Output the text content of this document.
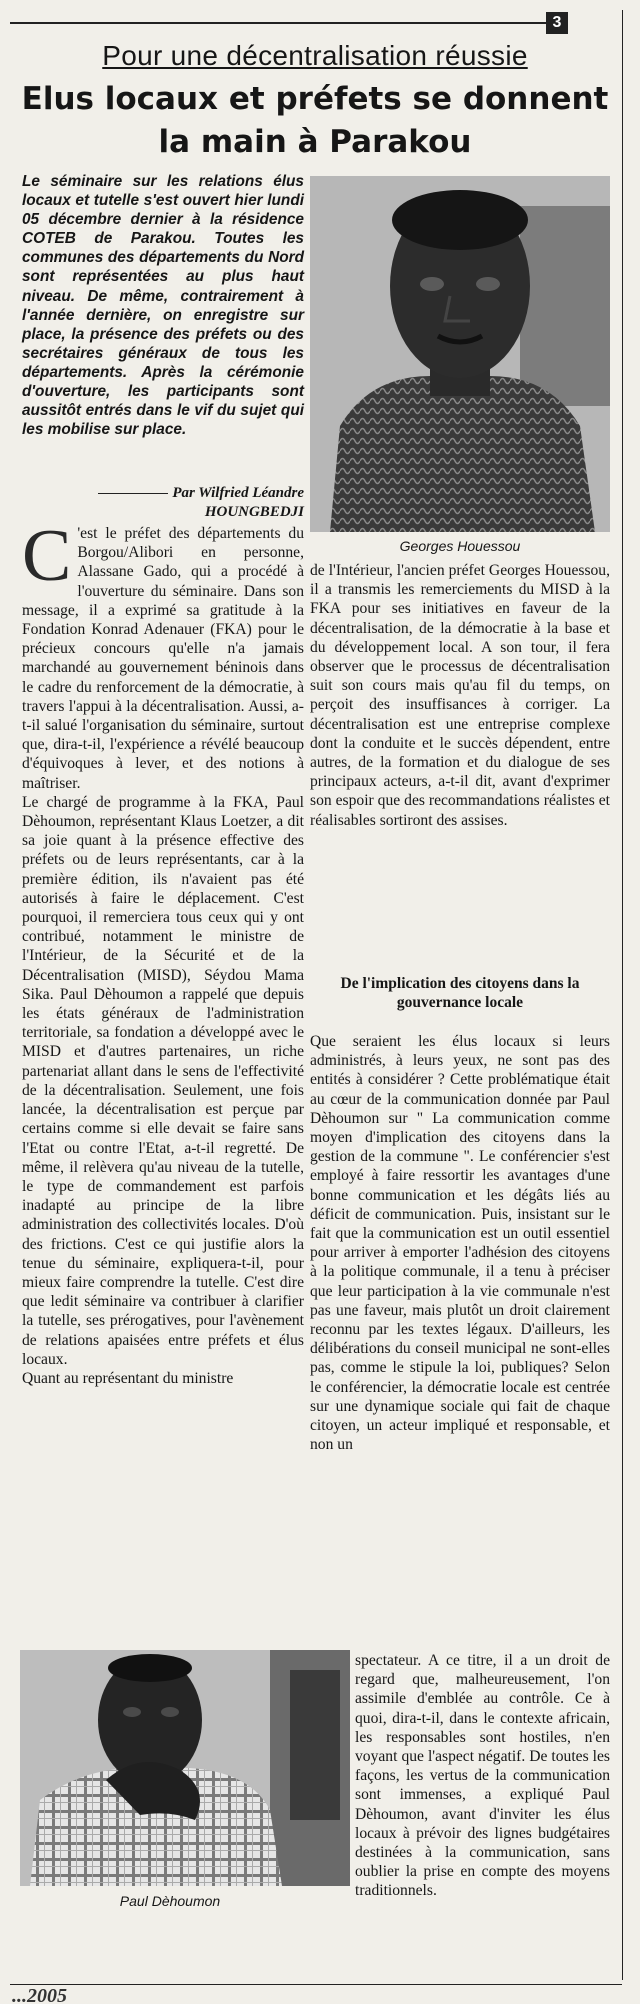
3
Pour une décentralisation réussie
Elus locaux et préfets se donnent la main à Parakou
Le séminaire sur les relations élus locaux et tutelle s'est ouvert hier lundi 05 décembre dernier à la résidence COTEB de Parakou. Toutes les communes des départements du Nord sont représentées au plus haut niveau. De même, contrairement à l'année dernière, on enregistre sur place, la présence des préfets ou des secrétaires généraux de tous les départements. Après la cérémonie d'ouverture, les participants sont aussitôt entrés dans le vif du sujet qui les mobilise sur place.
Par Wilfried Léandre HOUNGBEDJI
Georges Houessou

C 'est le préfet des départements du Borgou/Alibori en personne, Alassane Gado, qui a procédé à l'ouverture du séminaire. Dans son message, il a exprimé sa gratitude à la Fondation Konrad Adenauer (FKA) pour le précieux concours qu'elle n'a jamais marchandé au gouvernement béninois dans le cadre du renforcement de la démocratie, à travers l'appui à la décentralisation. Aussi, a-t-il salué l'organisation du séminaire, surtout que, dira-t-il, l'expérience a révélé beaucoup d'équivoques à lever, et des notions à maîtriser.

Le chargé de programme à la FKA, Paul Dèhoumon, représentant Klaus Loetzer, a dit sa joie quant à la présence effective des préfets ou de leurs représentants, car à la première édition, ils n'avaient pas été autorisés à faire le déplacement. C'est pourquoi, il remerciera tous ceux qui y ont contribué, notamment le ministre de l'Intérieur, de la Sécurité et de la Décentralisation (MISD), Séydou Mama Sika. Paul Dèhoumon a rappelé que depuis les états généraux de l'administration territoriale, sa fondation a développé avec le MISD et d'autres partenaires, un riche partenariat allant dans le sens de l'effectivité de la décentralisation. Seulement, une fois lancée, la décentralisation est perçue par certains comme si elle devait se faire sans l'Etat ou contre l'Etat, a-t-il regretté. De même, il relèvera qu'au niveau de la tutelle, le type de commandement est parfois inadapté au principe de la libre administration des collectivités locales. D'où des frictions. C'est ce qui justifie alors la tenue du séminaire, expliquera-t-il, pour mieux faire comprendre la tutelle. C'est dire que ledit séminaire va contribuer à clarifier la tutelle, ses prérogatives, pour l'avènement de relations apaisées entre préfets et élus locaux.

Quant au représentant du ministre

Paul Dèhoumon

de l'Intérieur, l'ancien préfet Georges Houessou, il a transmis les remerciements du MISD à la FKA pour ses initiatives en faveur de la décentralisation, de la démocratie à la base et du développement local. A son tour, il fera observer que le processus de décentralisation suit son cours mais qu'au fil du temps, on perçoit des insuffisances à corriger. La décentralisation est une entreprise complexe dont la conduite et le succès dépendent, entre autres, de la formation et du dialogue de ses principaux acteurs, a-t-il dit, avant d'exprimer son espoir que des recommandations réalistes et réalisables sortiront des assises.

De l'implication des citoyens dans la gouvernance locale

Que seraient les élus locaux si leurs administrés, à leurs yeux, ne sont pas des entités à considérer ? Cette problématique était au cœur de la communication donnée par Paul Dèhoumon sur " La communication comme moyen d'implication des citoyens dans la gestion de la commune ". Le conférencier s'est employé à faire ressortir les avantages d'une bonne communication et les dégâts liés au déficit de communication. Puis, insistant sur le fait que la communication est un outil essentiel pour arriver à emporter l'adhésion des citoyens à la politique communale, il a tenu à préciser que leur participation à la vie communale n'est pas une faveur, mais plutôt un droit clairement reconnu par les textes légaux. D'ailleurs, les délibérations du conseil municipal ne sont-elles pas, comme le stipule la loi, publiques? Selon le conférencier, la démocratie locale est centrée sur une dynamique sociale qui fait de chaque citoyen, un acteur impliqué et responsable, et non un

spectateur. A ce titre, il a un droit de regard que, malheureusement, l'on assimile d'emblée au contrôle. Ce à quoi, dira-t-il, dans le contexte africain, les responsables sont hostiles, n'en voyant que l'aspect négatif. De toutes les façons, les vertus de la communication sont immenses, a expliqué Paul Dèhoumon, avant d'inviter les élus locaux à prévoir des lignes budgétaires destinées à la communication, sans oublier la prise en compte des moyens traditionnels.

...2005
